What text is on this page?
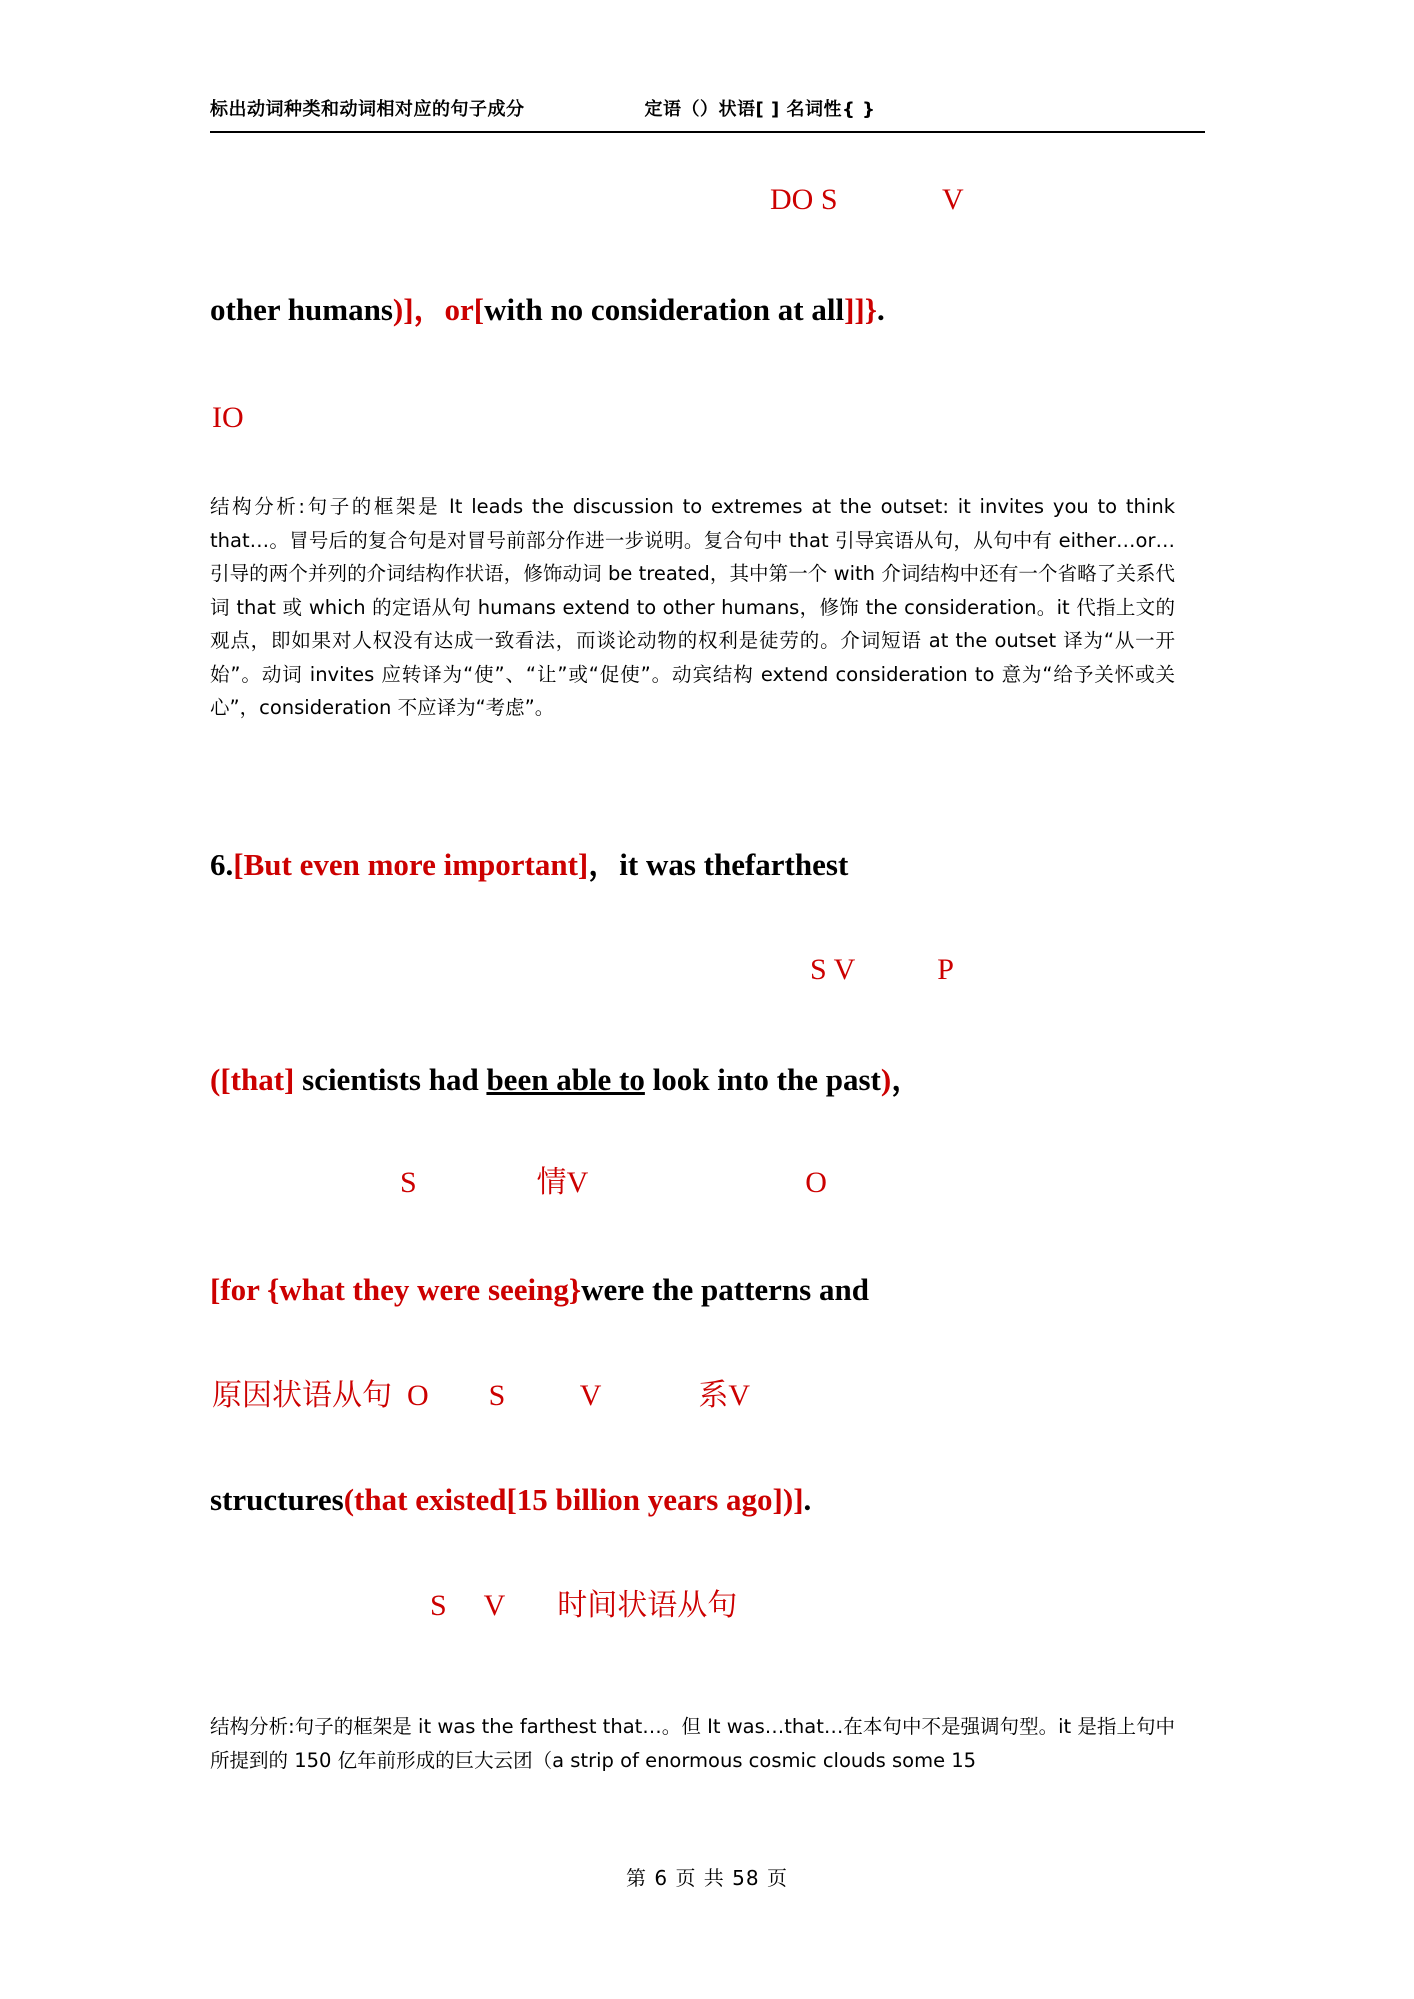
标出动词种类和动词相对应的句子成分	定语（）状语[ ] 名词性{ }
DO S              V
other humans)]，or[with no consideration at all]]}.
IO
结构分析:句子的框架是 It leads the discussion to extremes at the outset: it invites you to think that…。冒号后的复合句是对冒号前部分作进一步说明。复合句中 that 引导宾语从句，从句中有 either…or…引导的两个并列的介词结构作状语，修饰动词 be treated，其中第一个 with 介词结构中还有一个省略了关系代词 that 或 which 的定语从句 humans extend to other humans，修饰 the consideration。it 代指上文的观点，即如果对人权没有达成一致看法，而谈论动物的权利是徒劳的。介词短语 at the outset 译为“从一开始”。动词 invites 应转译为“使”、“让”或“促使”。动宾结构 extend consideration to 意为“给予关怀或关心”，consideration 不应译为“考虑”。
6.[But even more important]，it was thefarthest
S V           P
([that] scientists had been able to look into the past)，
S                情V                             O
[for {what they were seeing}were the patterns and
原因状语从句  O        S          V             系V
structures(that existed[15 billion years ago])].
S     V       时间状语从句
结构分析:句子的框架是 it was the farthest that…。但 It was…that…在本句中不是强调句型。it 是指上句中所提到的 150 亿年前形成的巨大云团（a strip of enormous cosmic clouds some 15
第 6 页 共 58 页
